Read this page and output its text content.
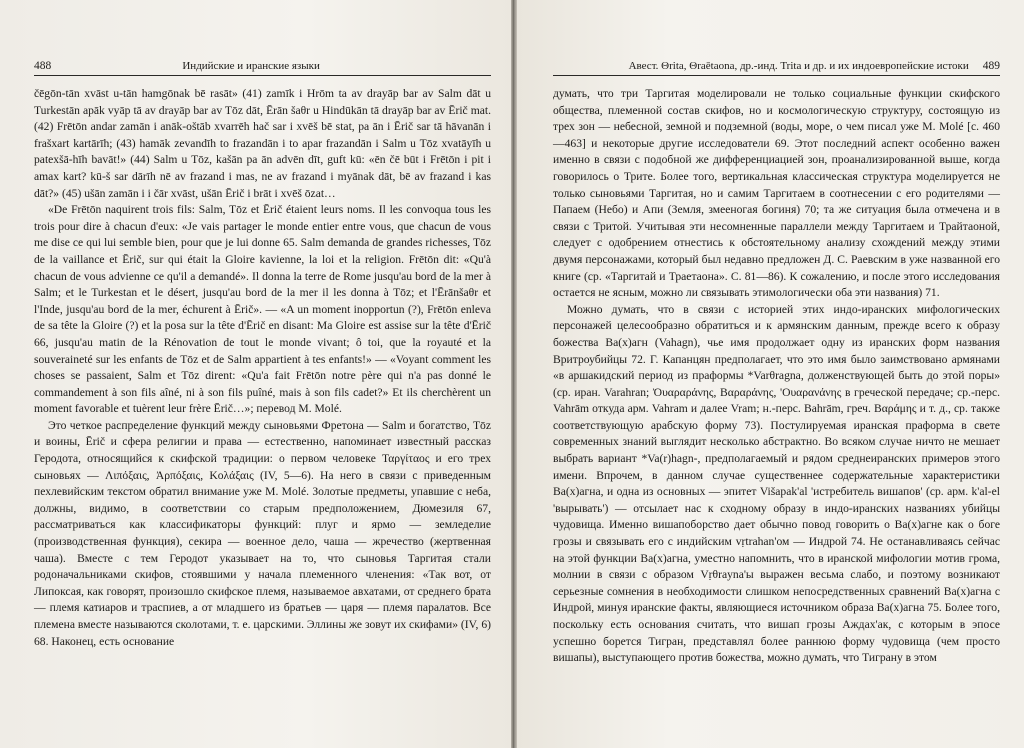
488	Индийские и иранские языки

čēgōn-tān xvāst u-tān hamgōnak bē rasāt» (41) zamīk i Hrōm ta av drayāp bar av Salm dāt u Turkestān apāk vyāp tā av drayāp bar av Tōz dāt, Ērān šaθr u Hindūkān tā drayāp bar av Ērič mat. (42) Frētōn andar zamān i anāk-oštāb xvarrēh hač sar i xvēš bē stat, pa ān i Ērič sar tā hāvanān i frašxart kartārīh; (43) hamāk zevandīh to frazandān i to apar frazandān i Salm u Tōz xvatāyīh u patexšā-hīh bavāt!» (44) Salm u Tōz, kašān pa ān advēn dīt, guft kū: «ēn čē būt i Frētōn i pit i amax kart? kū-š sar dārīh nē av frazand i mas, ne av frazand i myānak dāt, bē av frazand i kas dāt?» (45) ušān zamān i i čār xvāst, ušān Ērič i brāt i xvēš ōzat…

«De Frētōn naquirent trois fils: Salm, Tōz et Ērič étaient leurs noms. Il les convoqua tous les trois pour dire à chacun d'eux: «Je vais partager le monde entier entre vous, que chacun de vous me dise ce qui lui semble bien, pour que je lui donne 65. Salm demanda de grandes richesses, Tōz de la vaillance et Ērič, sur qui était la Gloire kavienne, la loi et la religion. Frētōn dit: «Qu'à chacun de vous advienne ce qu'il a demandé». Il donna la terre de Rome jusqu'au bord de la mer à Salm; et le Turkestan et le désert, jusqu'au bord de la mer il les donna à Tōz; et l'Ērānšaθr et l'Inde, jusqu'au bord de la mer, échurent à Ērič». — «A un moment inopportun (?), Frētōn enleva de sa tête la Gloire (?) et la posa sur la tête d'Ērič en disant: Ma Gloire est assise sur la tête d'Ērič 66, jusqu'au matin de la Rénovation de tout le monde vivant; ô toi, que la royauté et la souveraineté sur les enfants de Tōz et de Salm appartient à tes enfants!» — «Voyant comment les choses se passaient, Salm et Tōz dirent: «Qu'a fait Frētōn notre père qui n'a pas donné le commandement à son fils aîné, ni à son fils puîné, mais à son fils cadet?» Et ils cherchèrent un moment favorable et tuèrent leur frère Ērič…»; перевод M. Molé.

Это четкое распределение функций между сыновьями Фретона — Salm и богатство, Tōz и воины, Ērič и сфера религии и права — естественно, напоминает известный рассказ Геродота, относящийся к скифской традиции: о первом человеке Ταργίταος и его трех сыновьях — Λιπόξαις, Ἀρπόξαις, Κολάξαις (IV, 5—6). На него в связи с приведенным пехлевийским текстом обратил внимание уже M. Molé. Золотые предметы, упавшие с неба, должны, видимо, в соответствии со старым предположением, Дюмезиля 67, рассматриваться как классификаторы функций: плуг и ярмо — земледелие (производственная функция), секира — военное дело, чаша — жречество (жертвенная чаша). Вместе с тем Геродот указывает на то, что сыновья Таргитая стали родоначальниками скифов, стоявшими у начала племенного членения: «Так вот, от Липоксая, как говорят, произошло скифское племя, называемое авхатами, от среднего брата — племя катиаров и траспиев, а от младшего из братьев — царя — племя паралатов. Все племена вместе называются сколотами, т. е. царскими. Эллины же зовут их скифами» (IV, 6) 68. Наконец, есть основание

Авест. Θrita, Θraētaona, др.-инд. Trita и др. и их индоевропейские истоки	489

думать, что три Таргитая моделировали не только социальные функции скифского общества, племенной состав скифов, но и космологическую структуру, состоящую из трех зон — небесной, земной и подземной (воды, море, о чем писал уже M. Molé [c. 460—463] и некоторые другие исследователи 69. Этот последний аспект особенно важен именно в связи с подобной же дифференциацией зон, проанализированной выше, когда говорилось о Трите. Более того, вертикальная классическая структура моделируется не только сыновьями Таргитая, но и самим Таргитаем в соотнесении с его родителями — Папаем (Небо) и Апи (Земля, змееногая богиня) 70; та же ситуация была отмечена и в связи с Тритой. Учитывая эти несомненные параллели между Таргитаем и Трайтаоной, следует с одобрением отнестись к обстоятельному анализу схождений между этими двумя персонажами, который был недавно предложен Д. С. Раевским в уже названной его книге (ср. «Таргитай и Траетаона». С. 81—86). К сожалению, и после этого исследования остается не ясным, можно ли связывать этимологически оба эти названия) 71.

Можно думать, что в связи с историей этих индо-иранских мифологических персонажей целесообразно обратиться и к армянским данным, прежде всего к образу божества Ва(х)агн (Vahagn), чье имя продолжает одну из иранских форм названия Вритроубийцы 72. Г. Капанцян предполагает, что это имя было заимствовано армянами «в аршакидский период из праформы *Varθragna, долженствующей быть до этой поры» (ср. иран. Varahran; Ὀυαραράνης, Βαραράνης, 'Ουαρανάνης в греческой передаче; ср.-перс. Vahrām откуда арм. Vahram и далее Vram; н.-перс. Bahrām, греч. Βαράμης и т. д., ср. также соответствующую арабскую форму 73). Постулируемая иранская праформа в свете современных знаний выглядит несколько абстрактно. Во всяком случае ничто не мешает выбрать вариант *Va(r)hagn-, предполагаемый и рядом среднеиранских примеров этого имени. Впрочем, в данном случае существеннее содержательные характеристики Ва(х)агна, и одна из основных — эпитет Višapak'al 'истребитель вишапов' (ср. арм. k'al-el 'вырывать') — отсылает нас к сходному образу в индо-иранских названиях убийцы чудовища. Именно вишапоборство дает обычно повод говорить о Ва(х)агне как о боге грозы и связывать его с индийским vṛtrahan'ом — Индрой 74. Не останавливаясь сейчас на этой функции Ва(х)агна, уместно напомнить, что в иранской мифологии мотив грома, молнии в связи с образом Vṛθrayna'ы выражен весьма слабо, и поэтому возникают серьезные сомнения в необходимости слишком непосредственных сравнений Ва(х)агна с Индрой, минуя иранские факты, являющиеся источником образа Ва(х)агна 75. Более того, поскольку есть основания считать, что вишап грозы Аждах'ак, с которым в эпосе успешно борется Тигран, представлял более раннюю форму чудовища (чем просто вишапы), выступающего против божества, можно думать, что Тиграну в этом
